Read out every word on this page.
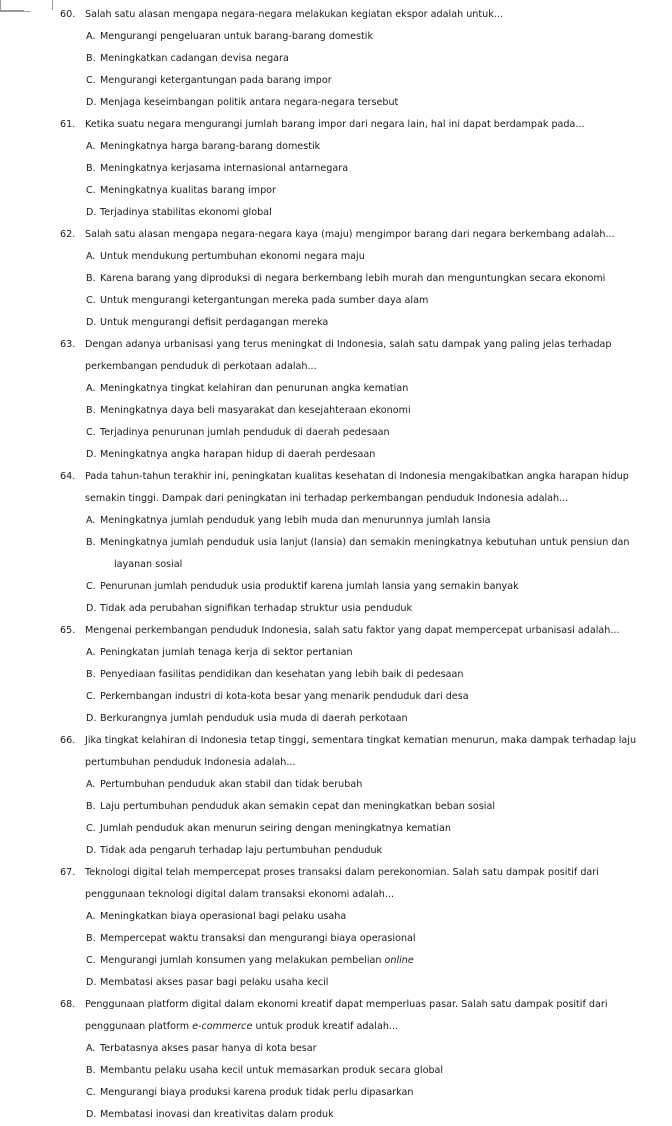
60. Salah satu alasan mengapa negara-negara melakukan kegiatan ekspor adalah untuk...
A. Mengurangi pengeluaran untuk barang-barang domestik
B. Meningkatkan cadangan devisa negara
C. Mengurangi ketergantungan pada barang impor
D. Menjaga keseimbangan politik antara negara-negara tersebut
61. Ketika suatu negara mengurangi jumlah barang impor dari negara lain, hal ini dapat berdampak pada...
A. Meningkatnya harga barang-barang domestik
B. Meningkatnya kerjasama internasional antarnegara
C. Meningkatnya kualitas barang impor
D. Terjadinya stabilitas ekonomi global
62. Salah satu alasan mengapa negara-negara kaya (maju) mengimpor barang dari negara berkembang adalah...
A. Untuk mendukung pertumbuhan ekonomi negara maju
B. Karena barang yang diproduksi di negara berkembang lebih murah dan menguntungkan secara ekonomi
C. Untuk mengurangi ketergantungan mereka pada sumber daya alam
D. Untuk mengurangi defisit perdagangan mereka
63. Dengan adanya urbanisasi yang terus meningkat di Indonesia, salah satu dampak yang paling jelas terhadap
perkembangan penduduk di perkotaan adalah...
A. Meningkatnya tingkat kelahiran dan penurunan angka kematian
B. Meningkatnya daya beli masyarakat dan kesejahteraan ekonomi
C. Terjadinya penurunan jumlah penduduk di daerah pedesaan
D. Meningkatnya angka harapan hidup di daerah perdesaan
64. Pada tahun-tahun terakhir ini, peningkatan kualitas kesehatan di Indonesia mengakibatkan angka harapan hidup
semakin tinggi. Dampak dari peningkatan ini terhadap perkembangan penduduk Indonesia adalah...
A. Meningkatnya jumlah penduduk yang lebih muda dan menurunnya jumlah lansia
B. Meningkatnya jumlah penduduk usia lanjut (lansia) dan semakin meningkatnya kebutuhan untuk pensiun dan
layanan sosial
C. Penurunan jumlah penduduk usia produktif karena jumlah lansia yang semakin banyak
D. Tidak ada perubahan signifikan terhadap struktur usia penduduk
65. Mengenai perkembangan penduduk Indonesia, salah satu faktor yang dapat mempercepat urbanisasi adalah...
A. Peningkatan jumlah tenaga kerja di sektor pertanian
B. Penyediaan fasilitas pendidikan dan kesehatan yang lebih baik di pedesaan
C. Perkembangan industri di kota-kota besar yang menarik penduduk dari desa
D. Berkurangnya jumlah penduduk usia muda di daerah perkotaan
66. Jika tingkat kelahiran di Indonesia tetap tinggi, sementara tingkat kematian menurun, maka dampak terhadap laju
pertumbuhan penduduk Indonesia adalah...
A. Pertumbuhan penduduk akan stabil dan tidak berubah
B. Laju pertumbuhan penduduk akan semakin cepat dan meningkatkan beban sosial
C. Jumlah penduduk akan menurun seiring dengan meningkatnya kematian
D. Tidak ada pengaruh terhadap laju pertumbuhan penduduk
67. Teknologi digital telah mempercepat proses transaksi dalam perekonomian. Salah satu dampak positif dari
penggunaan teknologi digital dalam transaksi ekonomi adalah...
A. Meningkatkan biaya operasional bagi pelaku usaha
B. Mempercepat waktu transaksi dan mengurangi biaya operasional
C. Mengurangi jumlah konsumen yang melakukan pembelian online
D. Membatasi akses pasar bagi pelaku usaha kecil
68. Penggunaan platform digital dalam ekonomi kreatif dapat memperluas pasar. Salah satu dampak positif dari
penggunaan platform e-commerce untuk produk kreatif adalah...
A. Terbatasnya akses pasar hanya di kota besar
B. Membantu pelaku usaha kecil untuk memasarkan produk secara global
C. Mengurangi biaya produksi karena produk tidak perlu dipasarkan
D. Membatasi inovasi dan kreativitas dalam produk
